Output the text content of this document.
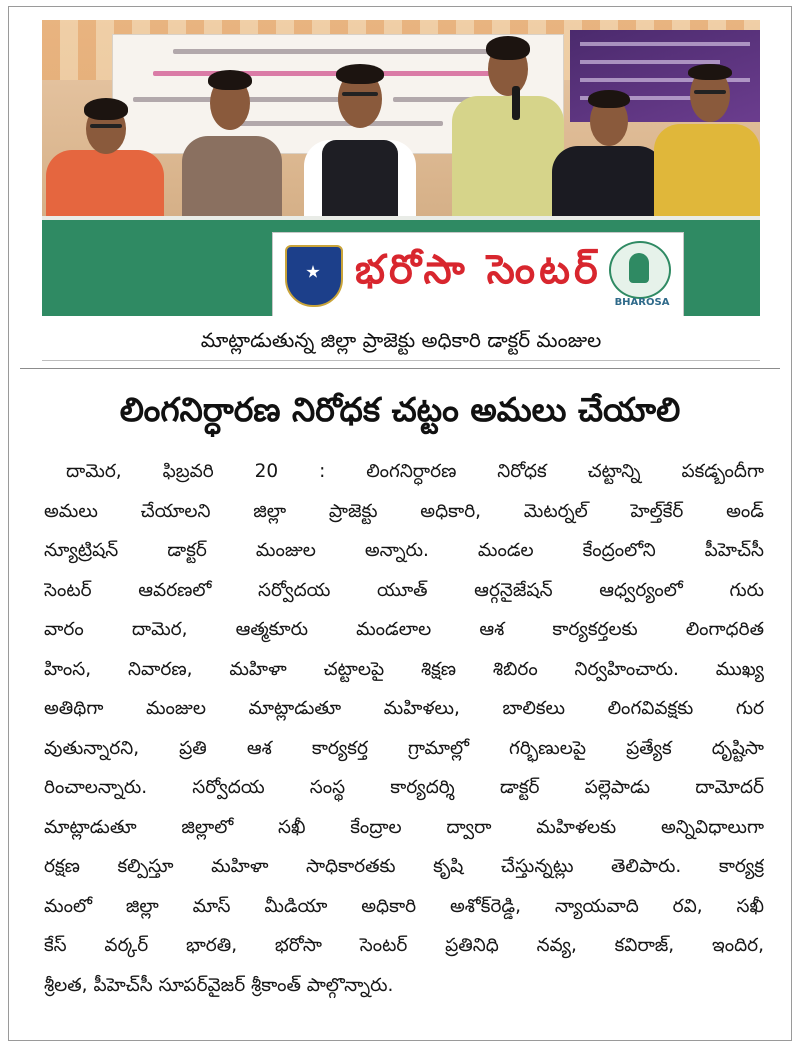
భరోసా సెంటర్
BHAROSA
మాట్లాడుతున్న జిల్లా ప్రాజెక్టు అధికారి డాక్టర్ మంజుల
లింగనిర్ధారణ నిరోధక చట్టం అమలు చేయాలి
దామెర, ఫిబ్రవరి 20 : లింగనిర్ధారణ నిరోధక చట్టాన్ని పకడ్బందీగా
అమలు చేయాలని జిల్లా ప్రాజెక్టు అధికారి, మెటర్నల్ హెల్త్‌కేర్ అండ్
న్యూట్రిషన్ డాక్టర్ మంజుల అన్నారు. మండల కేంద్రంలోని పీహెచ్‌సీ
సెంటర్ ఆవరణలో సర్వోదయ యూత్ ఆర్గనైజేషన్ ఆధ్వర్యంలో గురు
వారం దామెర, ఆత్మకూరు మండలాల ఆశ కార్యకర్తలకు లింగాధరిత
హింస, నివారణ, మహిళా చట్టాలపై శిక్షణ శిబిరం నిర్వహించారు. ముఖ్య
అతిథిగా మంజుల మాట్లాడుతూ మహిళలు, బాలికలు లింగవివక్షకు గుర
వుతున్నారని, ప్రతి ఆశ కార్యకర్త గ్రామాల్లో గర్భిణులపై ప్రత్యేక దృష్టిసా
రించాలన్నారు. సర్వోదయ సంస్థ కార్యదర్శి డాక్టర్ పల్లెపాడు దామోదర్
మాట్లాడుతూ జిల్లాలో సఖీ కేంద్రాల ద్వారా మహిళలకు అన్నివిధాలుగా
రక్షణ కల్పిస్తూ మహిళా సాధికారతకు కృషి చేస్తున్నట్లు తెలిపారు. కార్యక్ర
మంలో జిల్లా మాస్ మీడియా అధికారి అశోక్‌రెడ్డి, న్యాయవాది రవి, సఖీ
కేస్ వర్కర్ భారతి, భరోసా సెంటర్ ప్రతినిధి నవ్య, కవిరాజ్, ఇందిర,
శ్రీలత, పీహెచ్‌సీ సూపర్‌వైజర్ శ్రీకాంత్ పాల్గొన్నారు.
